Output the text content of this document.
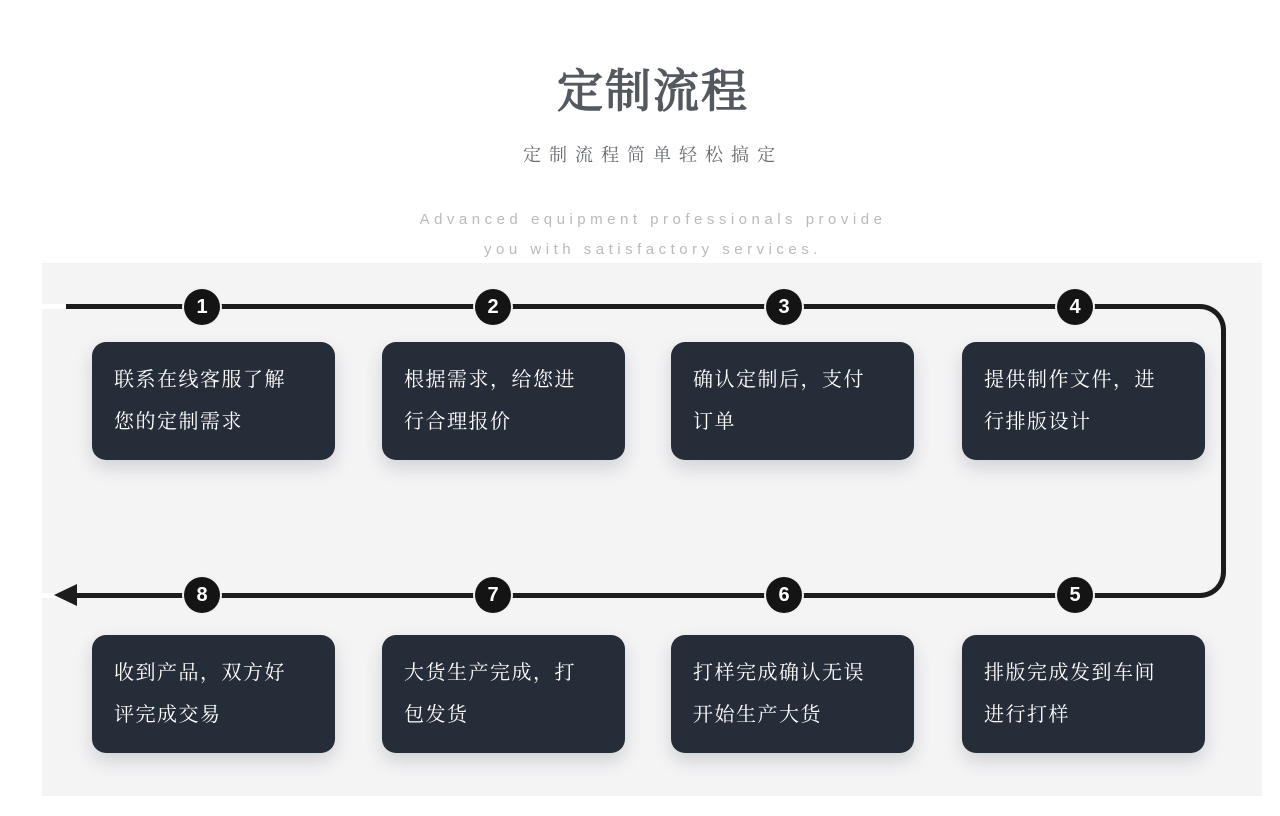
定制流程
定制流程简单轻松搞定
Advanced equipment professionals provide
you with satisfactory services.
1	2	3	4
8	7	6	5
联系在线客服了解
您的定制需求
根据需求，给您进
行合理报价
确认定制后，支付
订单
提供制作文件，进
行排版设计
收到产品，双方好
评完成交易
大货生产完成，打
包发货
打样完成确认无误
开始生产大货
排版完成发到车间
进行打样
